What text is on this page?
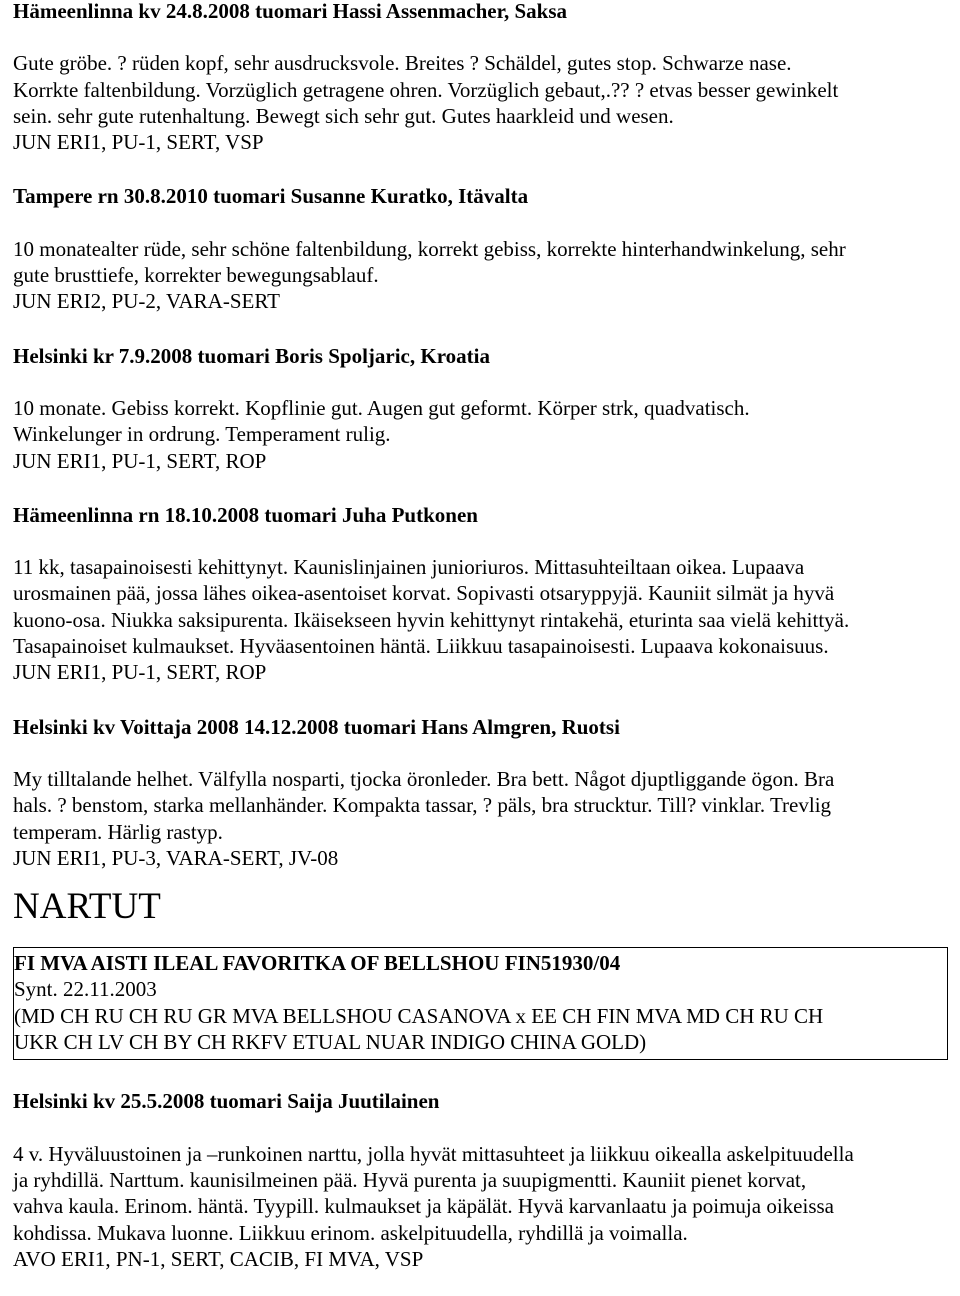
Hämeenlinna kv 24.8.2008 tuomari Hassi Assenmacher, Saksa

Gute gröbe. ? rüden kopf, sehr ausdrucksvole. Breites ? Schäldel, gutes stop. Schwarze nase.

Korrkte faltenbildung. Vorzüglich getragene ohren. Vorzüglich gebaut,.?? ? etvas besser gewinkelt

sein. sehr gute rutenhaltung. Bewegt sich sehr gut. Gutes haarkleid und wesen.

JUN ERI1, PU-1, SERT, VSP

Tampere rn 30.8.2010 tuomari Susanne Kuratko, Itävalta

10 monatealter rüde, sehr schöne faltenbildung, korrekt gebiss, korrekte hinterhandwinkelung, sehr

gute brusttiefe, korrekter bewegungsablauf.

JUN ERI2, PU-2, VARA-SERT

Helsinki kr 7.9.2008 tuomari Boris Spoljaric, Kroatia

10 monate. Gebiss korrekt. Kopflinie gut. Augen gut geformt. Körper strk, quadvatisch.

Winkelunger in ordrung. Temperament rulig.

JUN ERI1, PU-1, SERT, ROP

Hämeenlinna rn 18.10.2008 tuomari Juha Putkonen

11 kk, tasapainoisesti kehittynyt. Kaunislinjainen junioriuros. Mittasuhteiltaan oikea. Lupaava

urosmainen pää, jossa lähes oikea-asentoiset korvat. Sopivasti otsaryppyjä. Kauniit silmät ja hyvä

kuono-osa. Niukka saksipurenta. Ikäisekseen hyvin kehittynyt rintakehä, eturinta saa vielä kehittyä.

Tasapainoiset kulmaukset. Hyväasentoinen häntä. Liikkuu tasapainoisesti. Lupaava kokonaisuus.

JUN ERI1, PU-1, SERT, ROP

Helsinki kv Voittaja 2008 14.12.2008 tuomari Hans Almgren, Ruotsi

My tilltalande helhet. Välfylla nosparti, tjocka öronleder. Bra bett. Något djuptliggande ögon. Bra

hals. ? benstom, starka mellanhänder. Kompakta tassar, ? päls, bra strucktur. Till? vinklar. Trevlig

temperam. Härlig rastyp.

JUN ERI1, PU-3, VARA-SERT, JV-08

NARTUT

FI MVA AISTI ILEAL FAVORITKA OF BELLSHOU FIN51930/04

Synt. 22.11.2003

(MD CH RU CH RU GR MVA BELLSHOU CASANOVA x EE CH FIN MVA MD CH RU CH

UKR CH LV CH BY CH RKFV ETUAL NUAR INDIGO CHINA GOLD)

Helsinki kv 25.5.2008 tuomari Saija Juutilainen

4 v. Hyväluustoinen ja –runkoinen narttu, jolla hyvät mittasuhteet ja liikkuu oikealla askelpituudella

ja ryhdillä. Narttum. kaunisilmeinen pää. Hyvä purenta ja suupigmentti. Kauniit pienet korvat,

vahva kaula. Erinom. häntä. Tyypill. kulmaukset ja käpälät. Hyvä karvanlaatu ja poimuja oikeissa

kohdissa. Mukava luonne. Liikkuu erinom. askelpituudella, ryhdillä ja voimalla.

AVO ERI1, PN-1, SERT, CACIB, FI MVA, VSP
